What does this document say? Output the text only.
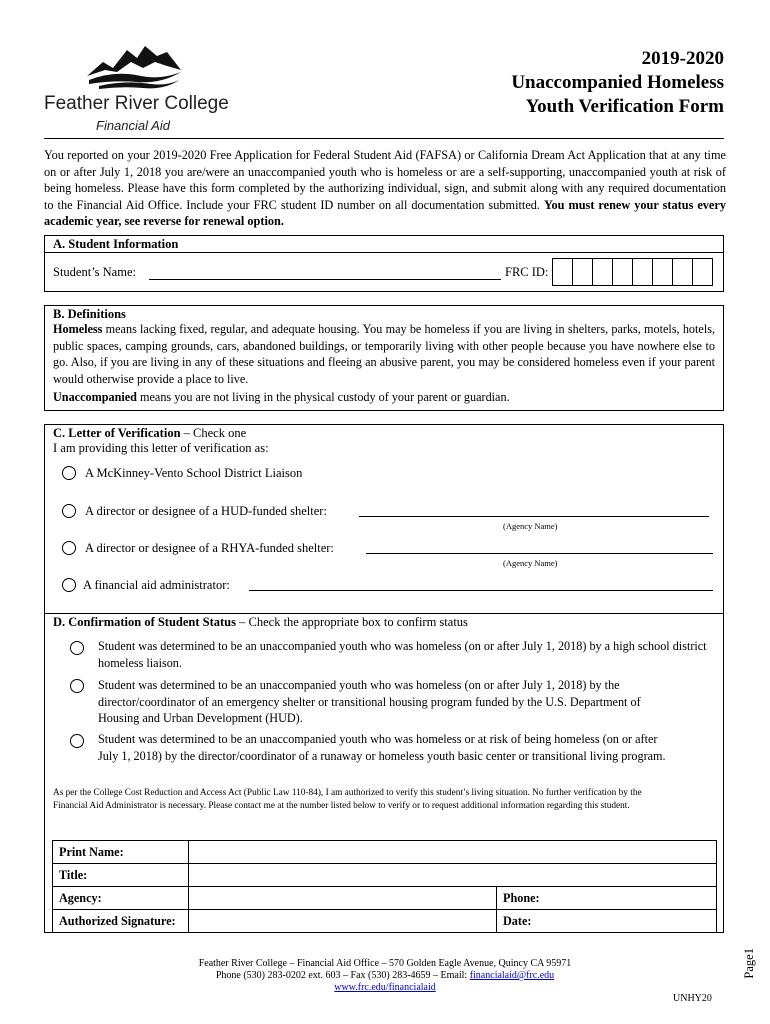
Feather River College
Financial Aid
2019-2020
Unaccompanied Homeless
Youth Verification Form
You reported on your 2019-2020 Free Application for Federal Student Aid (FAFSA) or California Dream Act Application that at any time on or after July 1, 2018 you are/were an unaccompanied youth who is homeless or are a self-supporting, unaccompanied youth at risk of being homeless. Please have this form completed by the authorizing individual, sign, and submit along with any required documentation to the Financial Aid Office. Include your FRC student ID number on all documentation submitted. You must renew your status every academic year, see reverse for renewal option.
A. Student Information
Student’s Name:	FRC ID:
B. Definitions
Homeless means lacking fixed, regular, and adequate housing. You may be homeless if you are living in shelters, parks, motels, hotels, public spaces, camping grounds, cars, abandoned buildings, or temporarily living with other people because you have nowhere else to go. Also, if you are living in any of these situations and fleeing an abusive parent, you may be considered homeless even if your parent would otherwise provide a place to live.
Unaccompanied means you are not living in the physical custody of your parent or guardian.
C. Letter of Verification – Check one
I am providing this letter of verification as:
A McKinney-Vento School District Liaison
A director or designee of a HUD-funded shelter:
(Agency Name)
A director or designee of a RHYA-funded shelter:
(Agency Name)
A financial aid administrator:
D. Confirmation of Student Status – Check the appropriate box to confirm status
Student was determined to be an unaccompanied youth who was homeless (on or after July 1, 2018) by a high school district homeless liaison.
Student was determined to be an unaccompanied youth who was homeless (on or after July 1, 2018) by the director/coordinator of an emergency shelter or transitional housing program funded by the U.S. Department of Housing and Urban Development (HUD).
Student was determined to be an unaccompanied youth who was homeless or at risk of being homeless (on or after July 1, 2018) by the director/coordinator of a runaway or homeless youth basic center or transitional living program.
As per the College Cost Reduction and Access Act (Public Law 110-84), I am authorized to verify this student’s living situation. No further verification by the Financial Aid Administrator is necessary. Please contact me at the number listed below to verify or to request additional information regarding this student.
Print Name:		
Title:		
Agency:		Phone:
Authorized Signature:		Date:
Page1
Feather River College – Financial Aid Office – 570 Golden Eagle Avenue, Quincy CA 95971
Phone (530) 283-0202 ext. 603 – Fax (530) 283-4659 – Email: financialaid@frc.edu
www.frc.edu/financialaid
UNHY20
